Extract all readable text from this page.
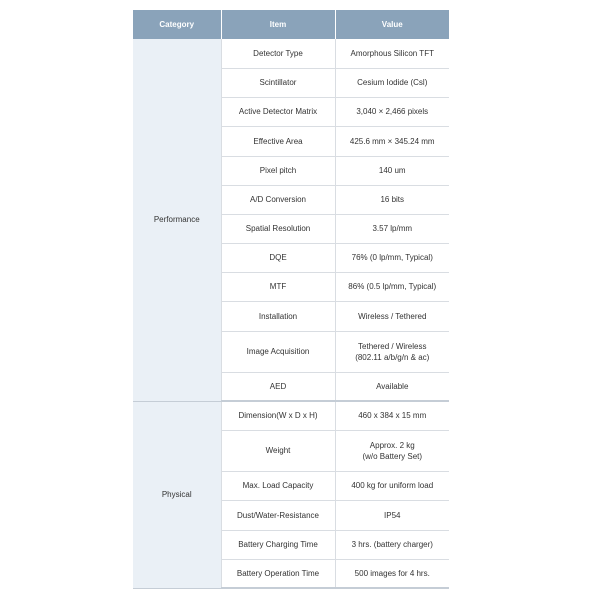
Category	Item	Value
Performance	Detector Type	Amorphous Silicon TFT
	Scintillator	Cesium Iodide (Csl)
	Active Detector Matrix	3,040 × 2,466 pixels
	Effective Area	425.6 mm × 345.24 mm
	Pixel pitch	140 um
	A/D Conversion	16 bits
	Spatial Resolution	3.57 lp/mm
	DQE	76% (0 lp/mm, Typical)
	MTF	86% (0.5 lp/mm, Typical)
	Installation	Wireless / Tethered
	Image Acquisition	Tethered / Wireless
(802.11 a/b/g/n & ac)
	AED	Available
Physical	Dimension(W x D x H)	460 x 384 x 15 mm
	Weight	Approx. 2 kg
(w/o Battery Set)
	Max. Load Capacity	400 kg for uniform load
	Dust/Water-Resistance	IP54
	Battery Charging Time	3 hrs. (battery charger)
	Battery Operation Time	500 images for 4 hrs.
